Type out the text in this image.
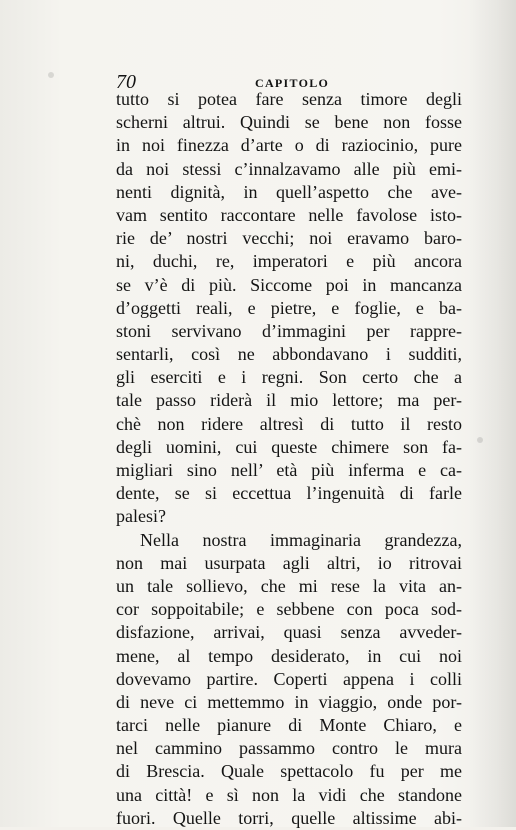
70	CAPITOLO
tutto si potea fare senza timore degli
scherni altrui. Quindi se bene non fosse
in noi finezza d’arte o di raziocinio, pure
da noi stessi c’innalzavamo alle più emi-
nenti dignità, in quell’aspetto che ave-
vam sentito raccontare nelle favolose isto-
rie de’ nostri vecchi; noi eravamo baro-
ni, duchi, re, imperatori e più ancora
se v’è di più. Siccome poi in mancanza
d’oggetti reali, e pietre, e foglie, e ba-
stoni servivano d’immagini per rappre-
sentarli, così ne abbondavano i sudditi,
gli eserciti e i regni. Son certo che a
tale passo riderà il mio lettore; ma per-
chè non ridere altresì di tutto il resto
degli uomini, cui queste chimere son fa-
migliari sino nell’ età più inferma e ca-
dente, se si eccettua l’ingenuità di farle
palesi?
Nella nostra immaginaria grandezza,
non mai usurpata agli altri, io ritrovai
un tale sollievo, che mi rese la vita an-
cor soppoitabile; e sebbene con poca sod-
disfazione, arrivai, quasi senza avveder-
mene, al tempo desiderato, in cui noi
dovevamo partire. Coperti appena i colli
di neve ci mettemmo in viaggio, onde por-
tarci nelle pianure di Monte Chiaro, e
nel cammino passammo contro le mura
di Brescia. Quale spettacolo fu per me
una città! e sì non la vidi che standone
fuori. Quelle torri, quelle altissime abi-
